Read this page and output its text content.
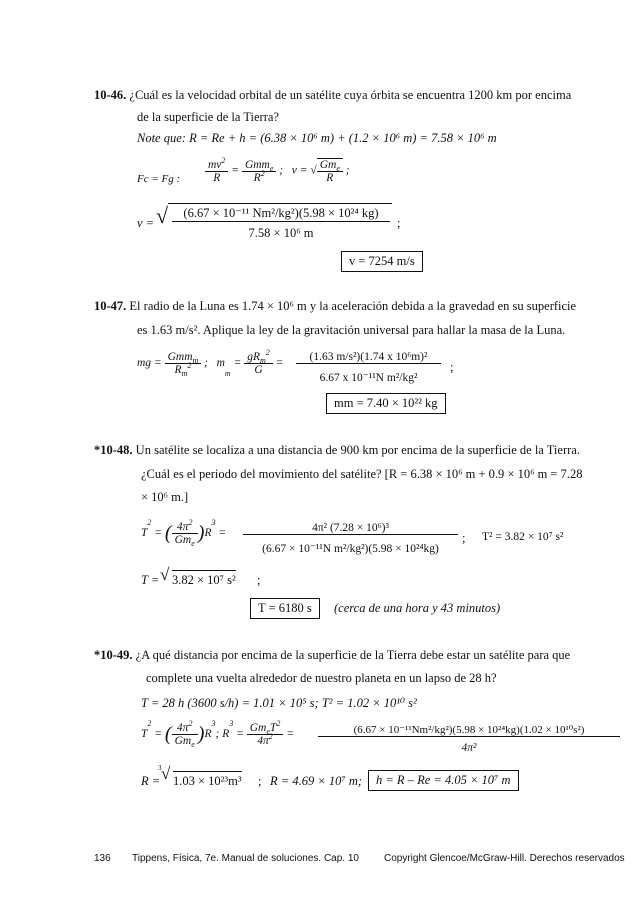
10-46. ¿Cuál es la velocidad orbital de un satélite cuya órbita se encuentra 1200 km por encima
de la superficie de la Tierra?
Note que: R = Re + h = (6.38 × 10⁶ m) + (1.2 × 10⁶ m) = 7.58 × 10⁶ m
Fc = Fg : $\frac{mv^2}{R} = \frac{Gmm_e}{R^2}$ ;   v = √ $\frac{Gm_e}{R}$ ;
v = √	(6.67 × 10⁻¹¹ Nm²/kg²)(5.98 × 10²⁴ kg)
7.58 × 10⁶ m
;
v = 7254 m/s
10-47. El radio de la Luna es 1.74 × 10⁶ m y la aceleración debida a la gravedad en su superficie
es 1.63 m/s². Aplique la ley de la gravitación universal para hallar la masa de la Luna.
mg = $\frac{Gmm_m}{R_m^2}$ ;   $m_m = \frac{gR_m^2}{G}$ =
(1.63 m/s²)(1.74 x 10⁶m)²
6.67 x 10⁻¹¹N m²/kg²
;
mm = 7.40 × 10²² kg
*10-48. Un satélite se localiza a una distancia de 900 km por encima de la superficie de la Tierra.
¿Cuál es el periodo del movimiento del satélite? [R = 6.38 × 10⁶ m + 0.9 × 10⁶ m = 7.28
× 10⁶ m.]
$T^2$ = ( $\frac{4\pi^2}{Gm_e} )R^3$ =	4π² (7.28 × 10⁶)³
(6.67 × 10⁻¹¹N m²/kg²)(5.98 × 10²⁴kg)
; T² = 3.82 × 10⁷ s²
T = √ 3.82 × 10⁷ s² ;
T = 6180 s	(cerca de una hora y 43 minutos)
*10-49. ¿A qué distancia por encima de la superficie de la Tierra debe estar un satélite para que
complete una vuelta alrededor de nuestro planeta en un lapso de 28 h?
T = 28 h (3600 s/h) = 1.01 × 10⁵ s; T² = 1.02 × 10¹⁰ s²
$T^2$ = ( $\frac{4\pi^2}{Gm_e} )R^3$; $R^3 = \frac{Gm_eT^2}{4\pi^2}$ =	(6.67 × 10⁻¹¹Nm²/kg²)(5.98 × 10²⁴kg)(1.02 × 10¹⁰s²)
4π²
R = √
3
1.03 × 10²³m³ ; R = 4.69 × 10⁷ m;	h = R – Re = 4.05 × 10⁷ m
136 Tippens, Física, 7e. Manual de soluciones. Cap. 10	Copyright Glencoe/McGraw-Hill. Derechos reservados
